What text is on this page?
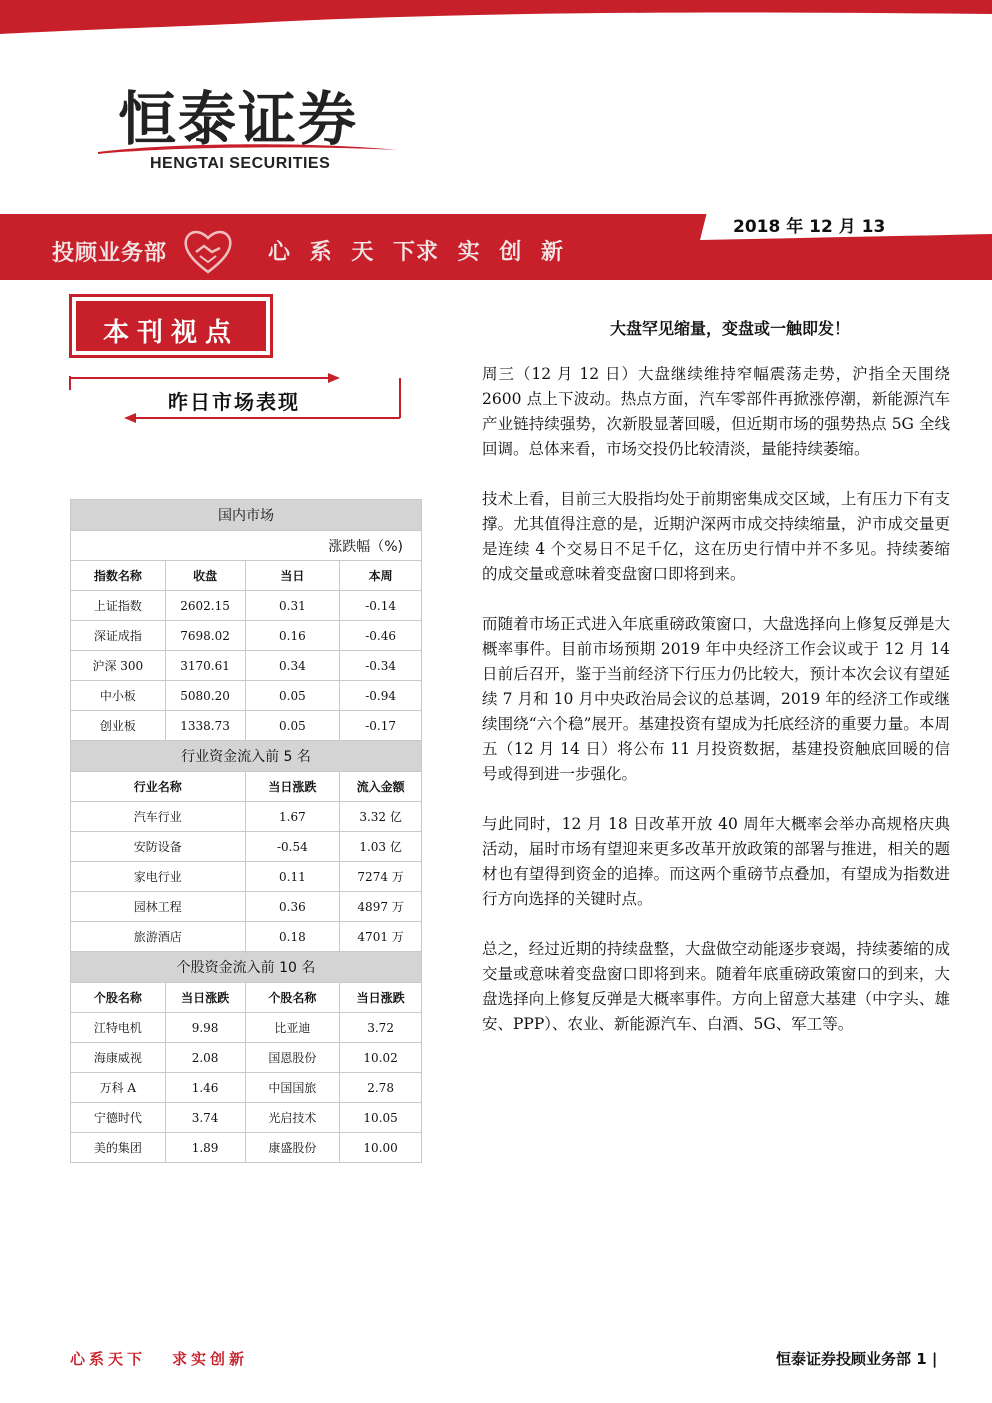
恒泰证券
HENGTAI SECURITIES
2018 年 12 月 13
投顾业务部	心 系 天 下
求 实 创 新
本刊视点
昨日市场表现
国内市场			
涨跌幅（%)			
指数名称	收盘	当日	本周
上证指数	2602.15	0.31	-0.14
深证成指	7698.02	0.16	-0.46
沪深 300	3170.61	0.34	-0.34
中小板	5080.20	0.05	-0.94
创业板	1338.73	0.05	-0.17
行业资金流入前 5 名			
行业名称		当日涨跌	流入金额
汽车行业		1.67	3.32 亿
安防设备		-0.54	1.03 亿
家电行业		0.11	7274 万
园林工程		0.36	4897 万
旅游酒店		0.18	4701 万
个股资金流入前 10 名			
个股名称	当日涨跌	个股名称	当日涨跌
江特电机	9.98	比亚迪	3.72
海康威视	2.08	国恩股份	10.02
万科 A	1.46	中国国旅	2.78
宁德时代	3.74	光启技术	10.05
美的集团	1.89	康盛股份	10.00
大盘罕见缩量，变盘或一触即发！

周三（12 月 12 日）大盘继续维持窄幅震荡走势，沪指全天围绕 2600 点上下波动。热点方面，汽车零部件再掀涨停潮，新能源汽车产业链持续强势，次新股显著回暖，但近期市场的强势热点 5G 全线回调。总体来看，市场交投仍比较清淡，量能持续萎缩。

技术上看，目前三大股指均处于前期密集成交区域，上有压力下有支撑。尤其值得注意的是，近期沪深两市成交持续缩量，沪市成交量更是连续 4 个交易日不足千亿，这在历史行情中并不多见。持续萎缩的成交量或意味着变盘窗口即将到来。

而随着市场正式进入年底重磅政策窗口，大盘选择向上修复反弹是大概率事件。目前市场预期 2019 年中央经济工作会议或于 12 月 14 日前后召开，鉴于当前经济下行压力仍比较大，预计本次会议有望延续 7 月和 10 月中央政治局会议的总基调，2019 年的经济工作或继续围绕“六个稳”展开。基建投资有望成为托底经济的重要力量。本周五（12 月 14 日）将公布 11 月投资数据，基建投资触底回暖的信号或得到进一步强化。

与此同时，12 月 18 日改革开放 40 周年大概率会举办高规格庆典活动，届时市场有望迎来更多改革开放政策的部署与推进，相关的题材也有望得到资金的追捧。而这两个重磅节点叠加，有望成为指数进行方向选择的关键时点。

总之，经过近期的持续盘整，大盘做空动能逐步衰竭，持续萎缩的成交量或意味着变盘窗口即将到来。随着年底重磅政策窗口的到来，大盘选择向上修复反弹是大概率事件。方向上留意大基建（中字头、雄安、PPP）、农业、新能源汽车、白酒、5G、军工等。

心系天下 求实创新	恒泰证券投顾业务部 1 |
